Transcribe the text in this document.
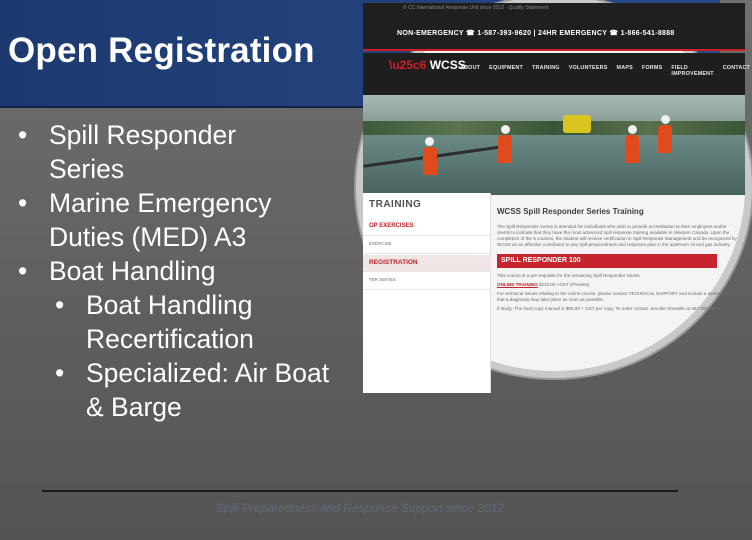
Open Registration
© CC International Response Unit since 2012 · Quality Statement
NON-EMERGENCY ☎ 1-587-393-9620 | 24HR EMERGENCY ☎ 1-866-541-8888
\u25c6 WCSS
ABOUT EQUIPMENT TRAINING VOLUNTEERS MAPS FORMS FIELD IMPROVEMENT
CONTACT
TRAINING
OP EXERCISES
EXERCISE
REGISTRATION
TER SERIES
WCSS Spill Responder Series Training
The Spill Responder Series is intended for individuals who wish to provide accreditation to their employers and/or clients to indicate that they have the most advanced spill response training available in Western Canada. Upon the completion of the 5 courses, the student will receive certification in Spill Response Management and be recognized by WCSS as an effective contributor to any spill preparedness and response plan in the upstream oil and gas industry.
SPILL RESPONDER 100
This course is a pre-requisite for the remaining Spill Responder Series
ONLINE TRAINING $110.00 +GST (Preview)
For technical issues relating to the online course, please contact TECHNICAL SUPPORT and include a screenshot so that a diagnosis may take place as soon as possible.
If study: The hard copy manual is $65.00 + GST per copy. To order contact Jennifer Rosselle at 587.393.9620
• Spill Responder Series
• Marine Emergency Duties (MED) A3
• Boat Handling
• Boat Handling Recertification
• Specialized: Air Boat & Barge
Spill Preparedness and Response Support since 2012
